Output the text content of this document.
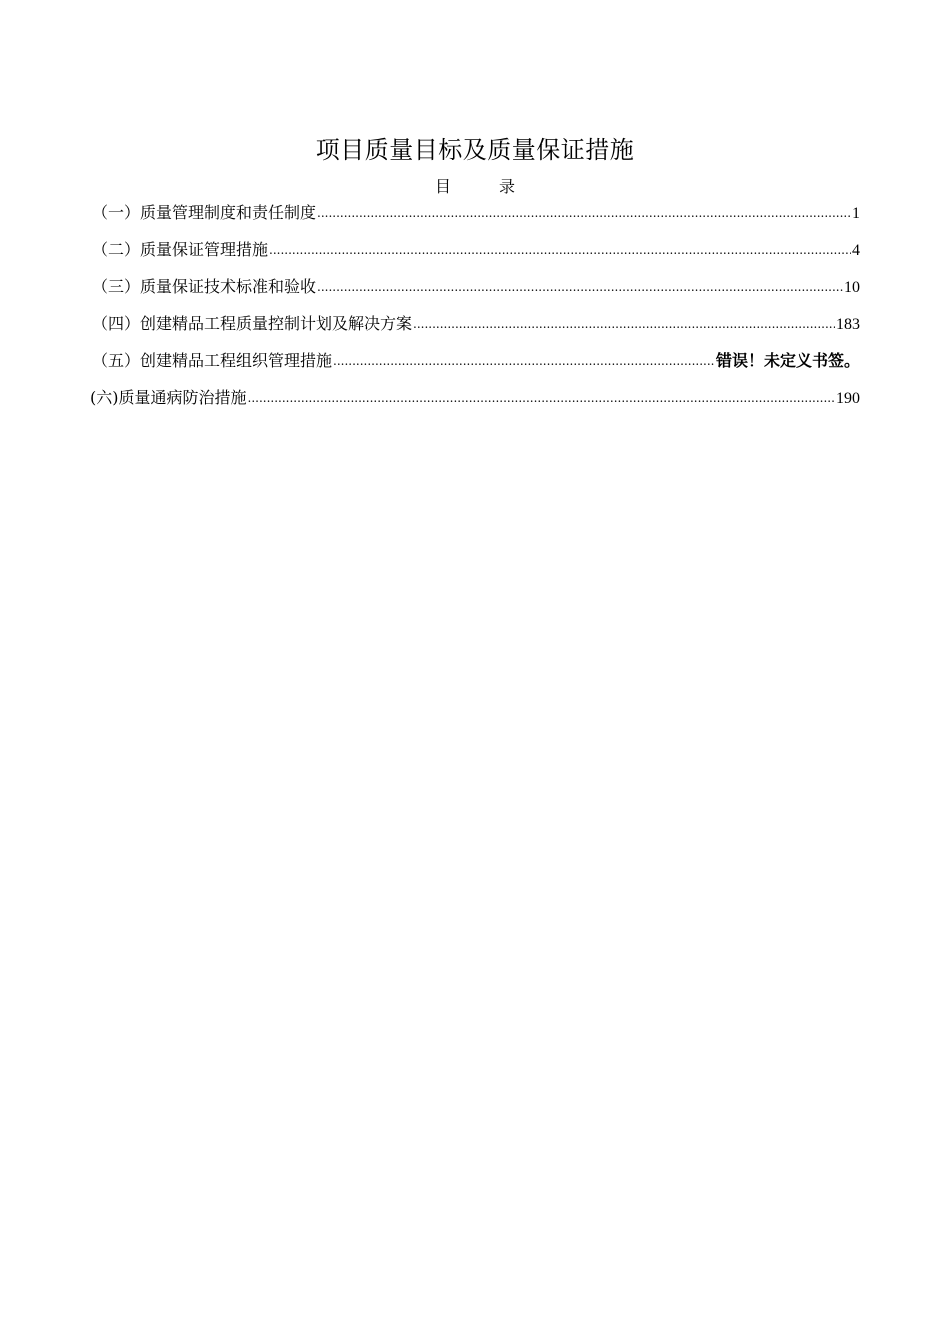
项目质量目标及质量保证措施
目	录
（一）质量管理制度和责任制度 .....	1
（二）质量保证管理措施 .....	4
（三）质量保证技术标准和验收 .....	10
（四）创建精品工程质量控制计划及解决方案 .....	183
（五）创建精品工程组织管理措施 .....	错误！未定义书签。
(六)质量通病防治措施 .....	190
